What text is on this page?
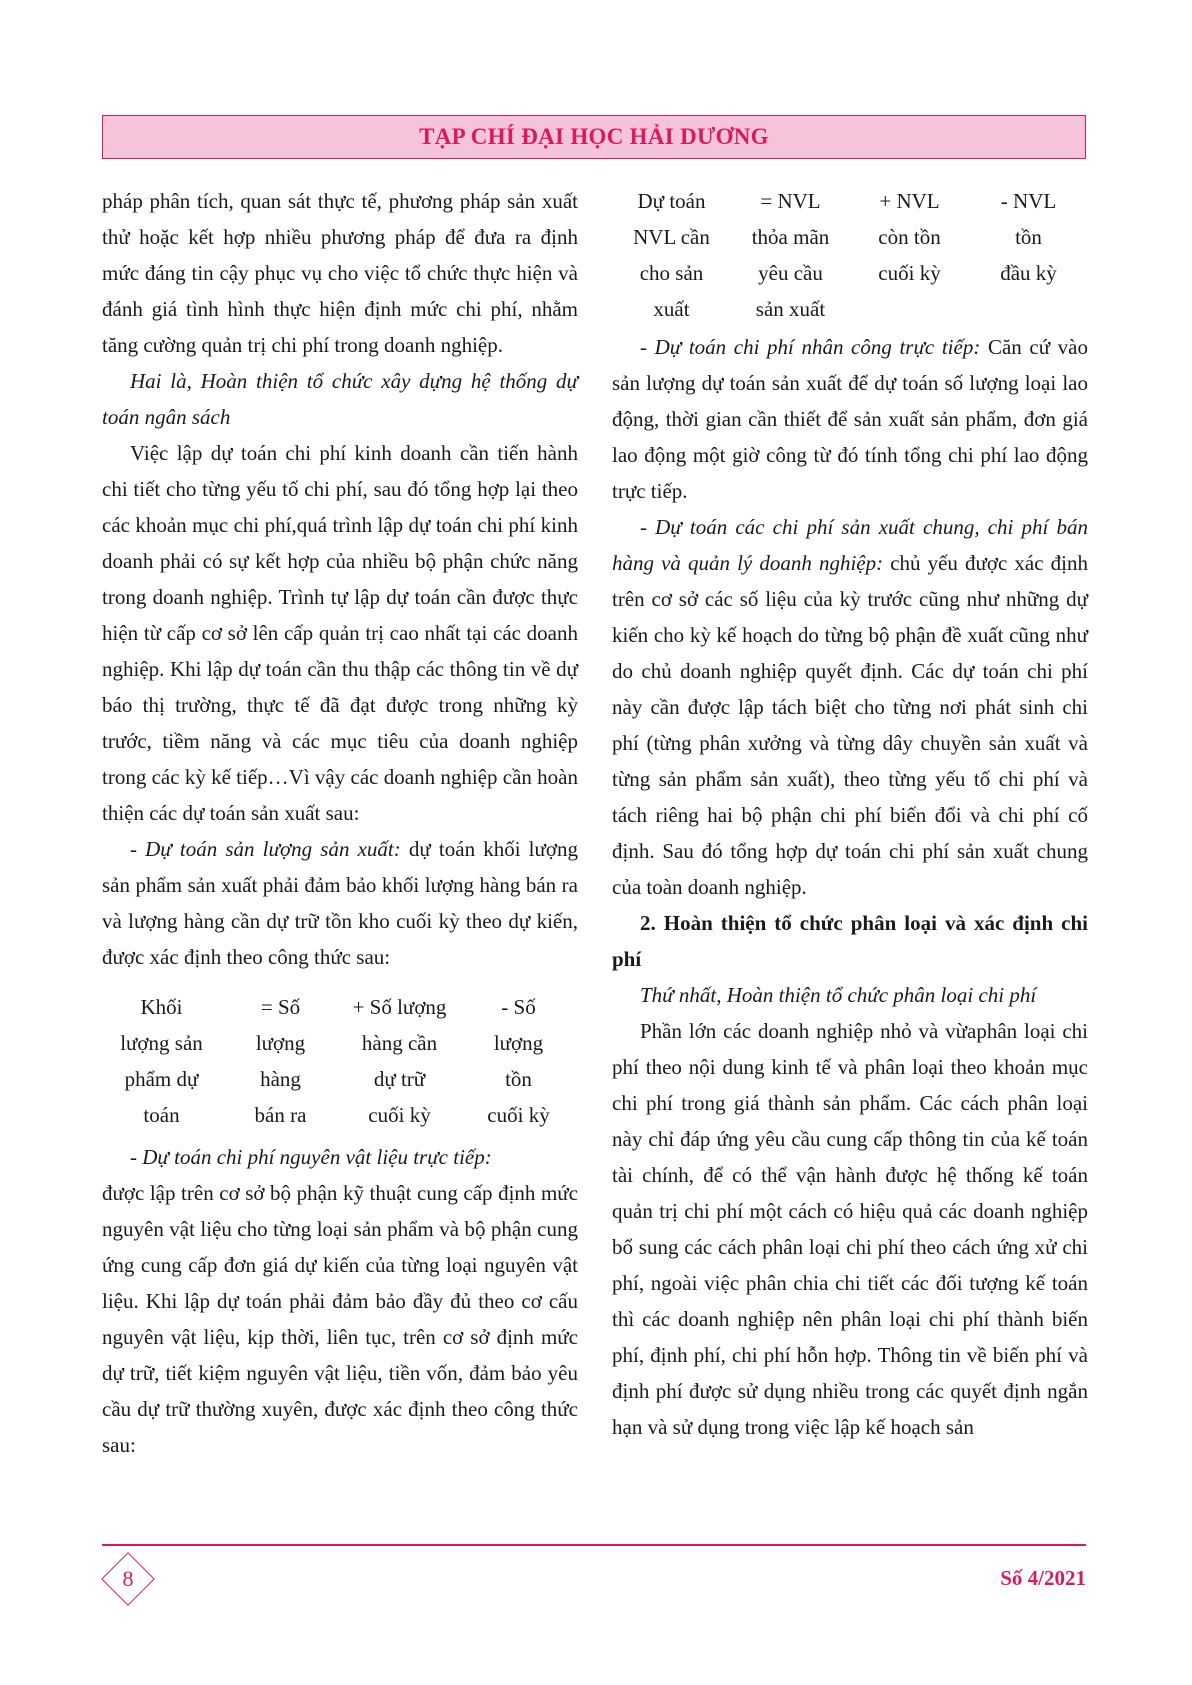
TẠP CHÍ ĐẠI HỌC HẢI DƯƠNG

pháp phân tích, quan sát thực tế, phương pháp sản xuất thử hoặc kết hợp nhiều phương pháp để đưa ra định mức đáng tin cậy phục vụ cho việc tổ chức thực hiện và đánh giá tình hình thực hiện định mức chi phí, nhằm tăng cường quản trị chi phí trong doanh nghiệp.

Hai là, Hoàn thiện tổ chức xây dựng hệ thống dự toán ngân sách

Việc lập dự toán chi phí kinh doanh cần tiến hành chi tiết cho từng yếu tố chi phí, sau đó tổng hợp lại theo các khoản mục chi phí,quá trình lập dự toán chi phí kinh doanh phải có sự kết hợp của nhiều bộ phận chức năng trong doanh nghiệp. Trình tự lập dự toán cần được thực hiện từ cấp cơ sở lên cấp quản trị cao nhất tại các doanh nghiệp. Khi lập dự toán cần thu thập các thông tin về dự báo thị trường, thực tế đã đạt được trong những kỳ trước, tiềm năng và các mục tiêu của doanh nghiệp trong các kỳ kế tiếp…Vì vậy các doanh nghiệp cần hoàn thiện các dự toán sản xuất sau:

- Dự toán sản lượng sản xuất: dự toán khối lượng sản phẩm sản xuất phải đảm bảo khối lượng hàng bán ra và lượng hàng cần dự trữ tồn kho cuối kỳ theo dự kiến, được xác định theo công thức sau:

Khối
lượng sản
phẩm dự
toán
= Số
lượng
hàng
bán ra
+ Số lượng
hàng cần
dự trữ
cuối kỳ
- Số
lượng
tồn
cuối kỳ

- Dự toán chi phí nguyên vật liệu trực tiếp:

được lập trên cơ sở bộ phận kỹ thuật cung cấp định mức nguyên vật liệu cho từng loại sản phẩm và bộ phận cung ứng cung cấp đơn giá dự kiến của từng loại nguyên vật liệu. Khi lập dự toán phải đảm bảo đầy đủ theo cơ cấu nguyên vật liệu, kịp thời, liên tục, trên cơ sở định mức dự trữ, tiết kiệm nguyên vật liệu, tiền vốn, đảm bảo yêu cầu dự trữ thường xuyên, được xác định theo công thức sau:

Dự toán
NVL cần
cho sản
xuất
= NVL
thỏa mãn
yêu cầu
sản xuất
+ NVL
còn tồn
cuối kỳ
- NVL
tồn
đầu kỳ

- Dự toán chi phí nhân công trực tiếp: Căn cứ vào sản lượng dự toán sản xuất để dự toán số lượng loại lao động, thời gian cần thiết để sản xuất sản phẩm, đơn giá lao động một giờ công từ đó tính tổng chi phí lao động trực tiếp.

- Dự toán các chi phí sản xuất chung, chi phí bán hàng và quản lý doanh nghiệp: chủ yếu được xác định trên cơ sở các số liệu của kỳ trước cũng như những dự kiến cho kỳ kế hoạch do từng bộ phận đề xuất cũng như do chủ doanh nghiệp quyết định. Các dự toán chi phí này cần được lập tách biệt cho từng nơi phát sinh chi phí (từng phân xưởng và từng dây chuyền sản xuất và từng sản phẩm sản xuất), theo từng yếu tố chi phí và tách riêng hai bộ phận chi phí biến đổi và chi phí cố định. Sau đó tổng hợp dự toán chi phí sản xuất chung của toàn doanh nghiệp.

2. Hoàn thiện tổ chức phân loại và xác định chi phí

Thứ nhất, Hoàn thiện tổ chức phân loại chi phí

Phần lớn các doanh nghiệp nhỏ và vừaphân loại chi phí theo nội dung kinh tế và phân loại theo khoản mục chi phí trong giá thành sản phẩm. Các cách phân loại này chỉ đáp ứng yêu cầu cung cấp thông tin của kế toán tài chính, để có thể vận hành được hệ thống kế toán quản trị chi phí một cách có hiệu quả các doanh nghiệp bổ sung các cách phân loại chi phí theo cách ứng xử chi phí, ngoài việc phân chia chi tiết các đối tượng kế toán thì các doanh nghiệp nên phân loại chi phí thành biến phí, định phí, chi phí hỗn hợp. Thông tin về biến phí và định phí được sử dụng nhiều trong các quyết định ngắn hạn và sử dụng trong việc lập kế hoạch sản

8	Số 4/2021
